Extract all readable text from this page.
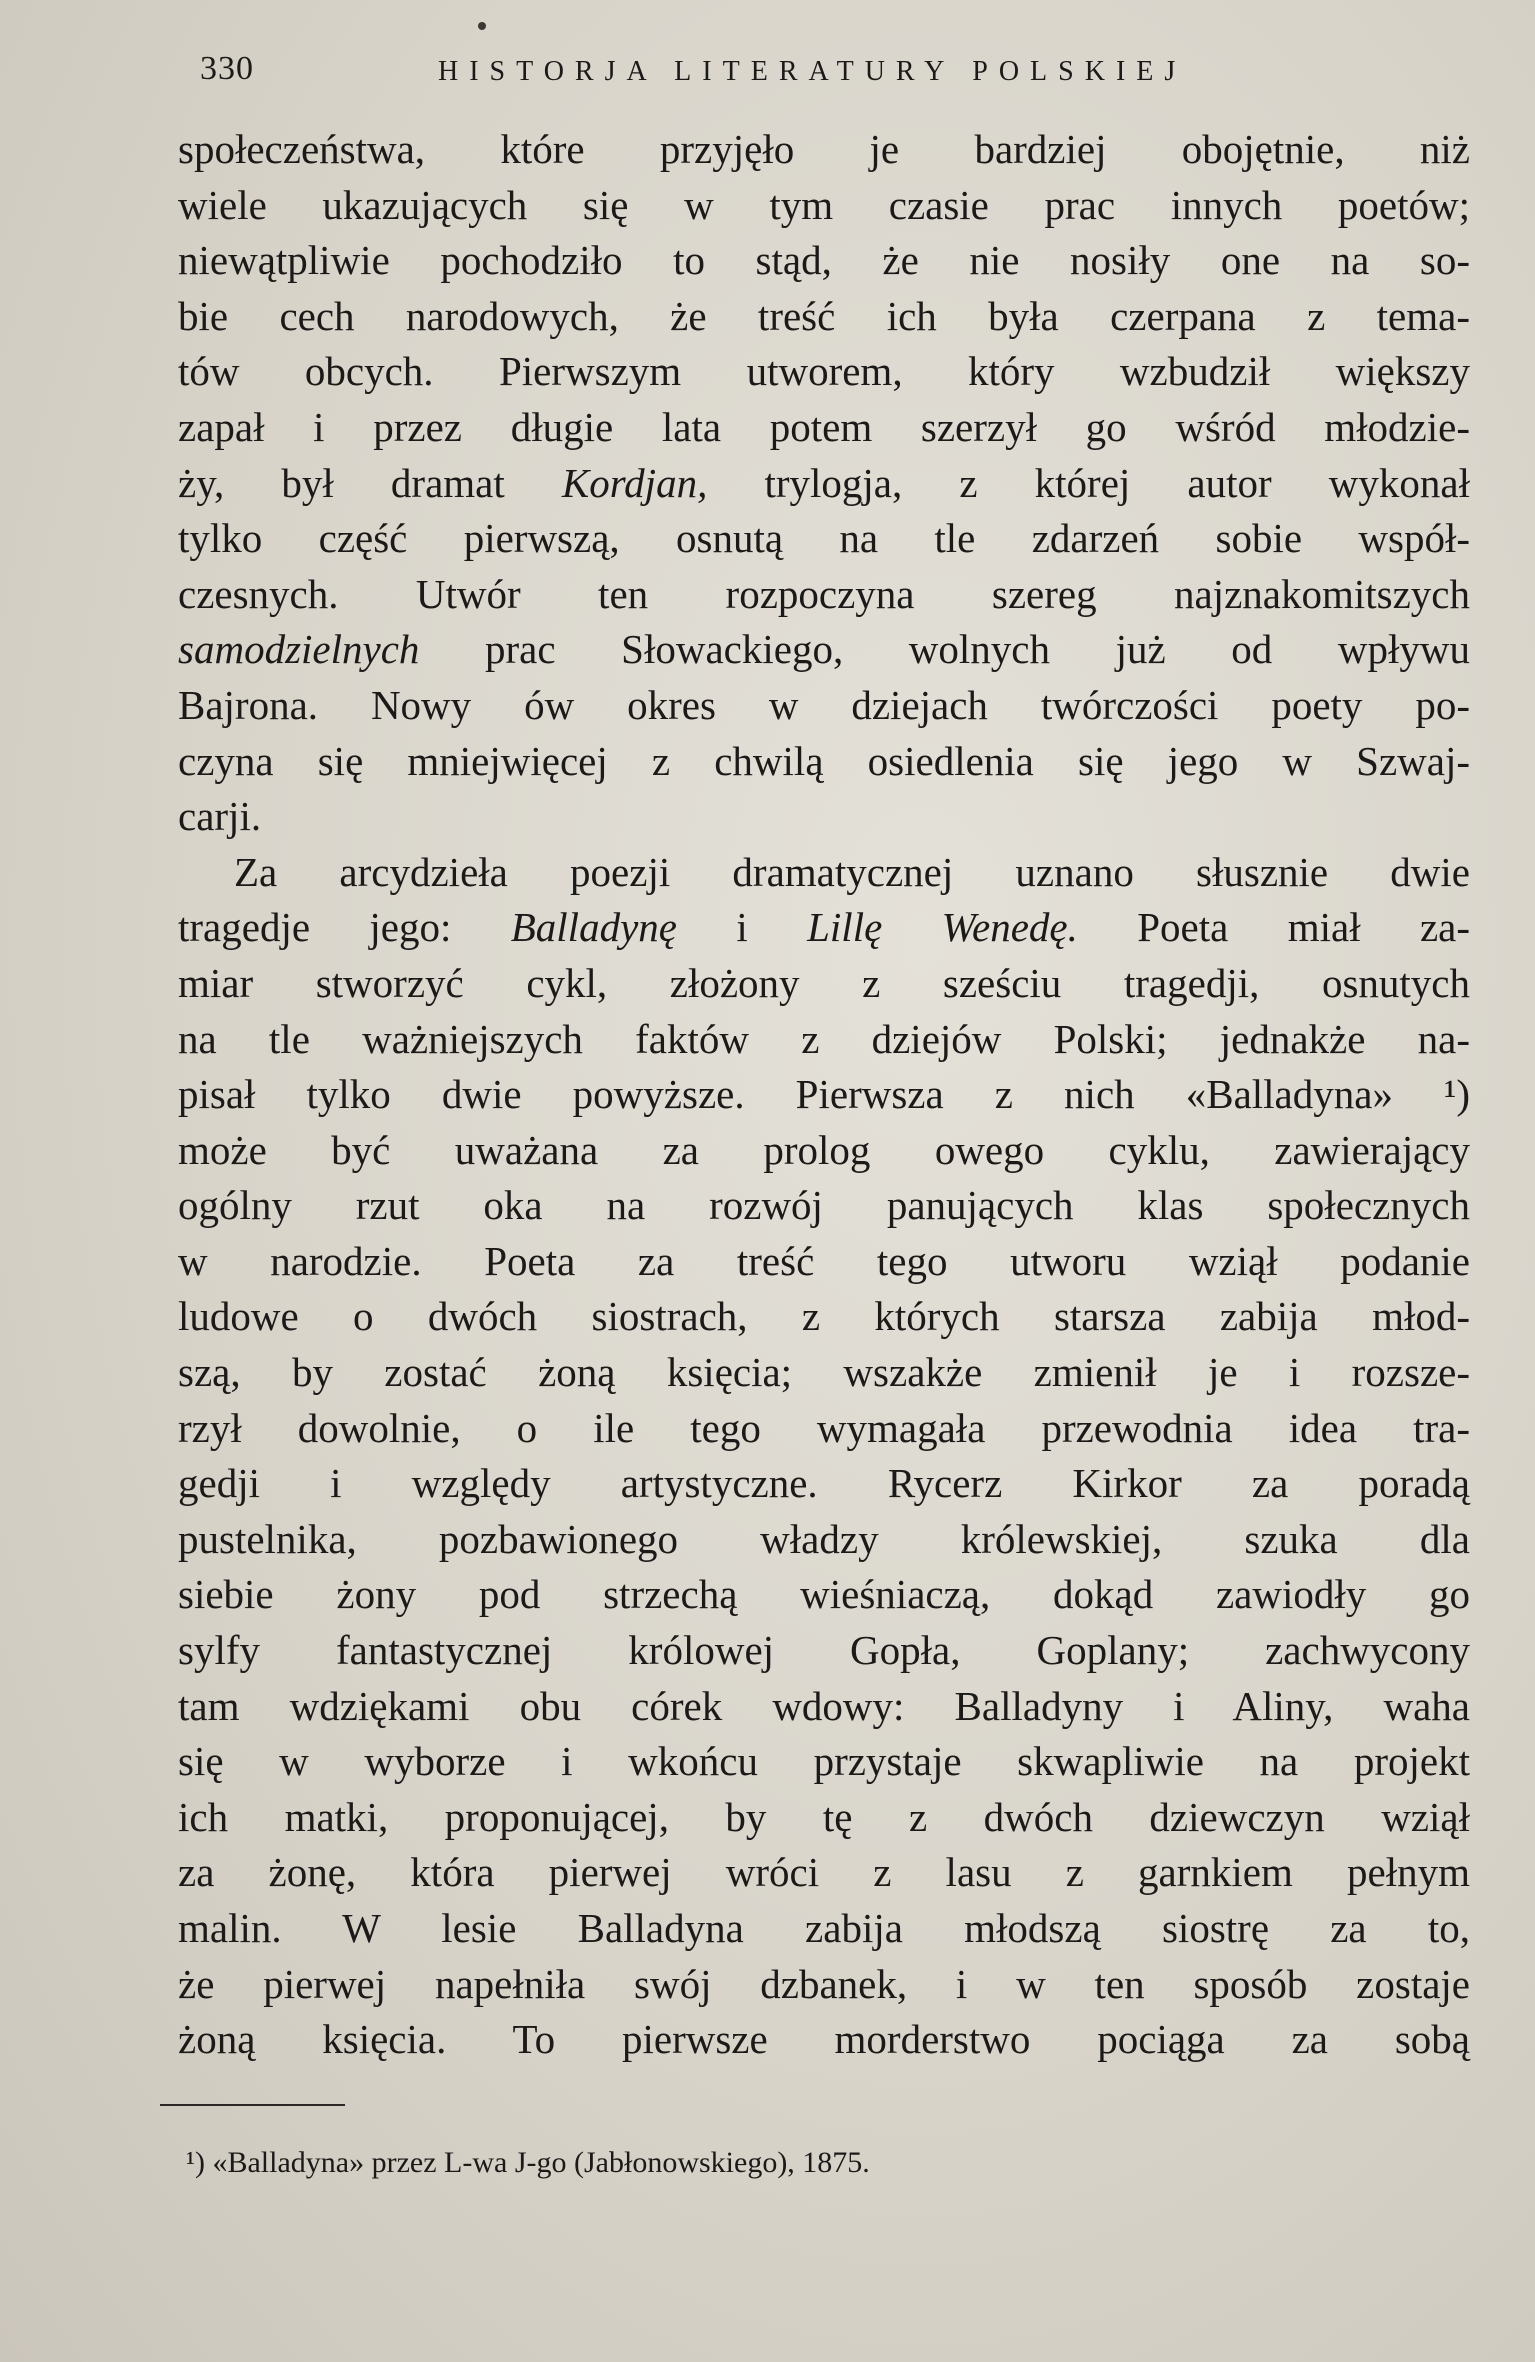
330	HISTORJA LITERATURY POLSKIEJ
społeczeństwa, które przyjęło je bardziej obojętnie, niż
wiele ukazujących się w tym czasie prac innych poetów;
niewątpliwie pochodziło to stąd, że nie nosiły one na so-
bie cech narodowych, że treść ich była czerpana z tema-
tów obcych. Pierwszym utworem, który wzbudził większy
zapał i przez długie lata potem szerzył go wśród młodzie-
ży, był dramat Kordjan, trylogja, z której autor wykonał
tylko część pierwszą, osnutą na tle zdarzeń sobie współ-
czesnych. Utwór ten rozpoczyna szereg najznakomitszych
samodzielnych prac Słowackiego, wolnych już od wpływu
Bajrona. Nowy ów okres w dziejach twórczości poety po-
czyna się mniejwięcej z chwilą osiedlenia się jego w Szwaj-
carji.
Za arcydzieła poezji dramatycznej uznano słusznie dwie
tragedje jego: Balladynę i Lillę Wenedę. Poeta miał za-
miar stworzyć cykl, złożony z sześciu tragedji, osnutych
na tle ważniejszych faktów z dziejów Polski; jednakże na-
pisał tylko dwie powyższe. Pierwsza z nich «Balladyna» ¹)
może być uważana za prolog owego cyklu, zawierający
ogólny rzut oka na rozwój panujących klas społecznych
w narodzie. Poeta za treść tego utworu wziął podanie
ludowe o dwóch siostrach, z których starsza zabija młod-
szą, by zostać żoną księcia; wszakże zmienił je i rozsze-
rzył dowolnie, o ile tego wymagała przewodnia idea tra-
gedji i względy artystyczne. Rycerz Kirkor za poradą
pustelnika, pozbawionego władzy królewskiej, szuka dla
siebie żony pod strzechą wieśniaczą, dokąd zawiodły go
sylfy fantastycznej królowej Gopła, Goplany; zachwycony
tam wdziękami obu córek wdowy: Balladyny i Aliny, waha
się w wyborze i wkońcu przystaje skwapliwie na projekt
ich matki, proponującej, by tę z dwóch dziewczyn wziął
za żonę, która pierwej wróci z lasu z garnkiem pełnym
malin. W lesie Balladyna zabija młodszą siostrę za to,
że pierwej napełniła swój dzbanek, i w ten sposób zostaje
żoną księcia. To pierwsze morderstwo pociąga za sobą
¹) «Balladyna» przez L-wa J-go (Jabłonowskiego), 1875.
